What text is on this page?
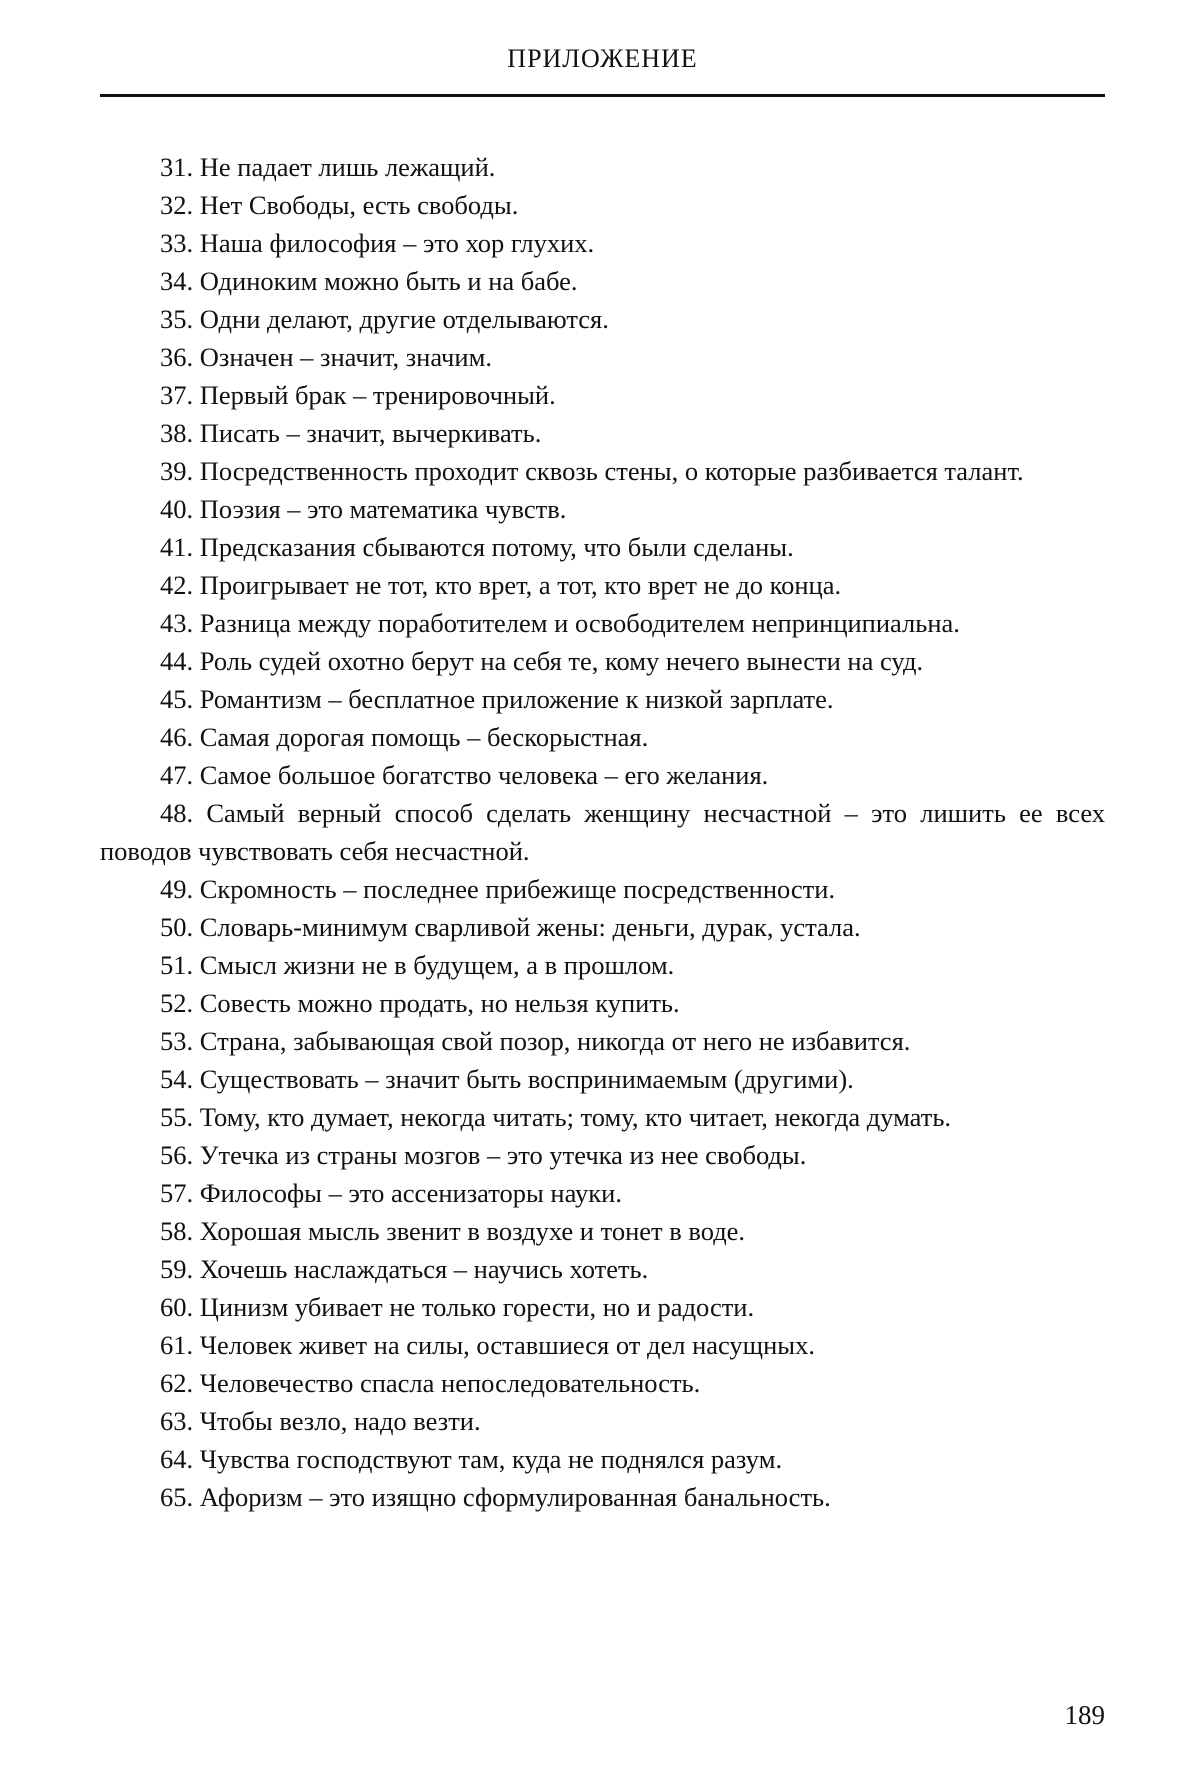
ПРИЛОЖЕНИЕ
31. Не падает лишь лежащий.
32. Нет Свободы, есть свободы.
33. Наша философия – это хор глухих.
34. Одиноким можно быть и на бабе.
35. Одни делают, другие отделываются.
36. Означен – значит, значим.
37. Первый брак – тренировочный.
38. Писать – значит, вычеркивать.
39. Посредственность проходит сквозь стены, о которые разбивается талант.
40. Поэзия – это математика чувств.
41. Предсказания сбываются потому, что были сделаны.
42. Проигрывает не тот, кто врет, а тот, кто врет не до конца.
43. Разница между поработителем и освободителем непринципиальна.
44. Роль судей охотно берут на себя те, кому нечего вынести на суд.
45. Романтизм – бесплатное приложение к низкой зарплате.
46. Самая дорогая помощь – бескорыстная.
47. Самое большое богатство человека – его желания.
48. Самый верный способ сделать женщину несчастной – это лишить ее всех поводов чувствовать себя несчастной.
49. Скромность – последнее прибежище посредственности.
50. Словарь-минимум сварливой жены: деньги, дурак, устала.
51. Смысл жизни не в будущем, а в прошлом.
52. Совесть можно продать, но нельзя купить.
53. Страна, забывающая свой позор, никогда от него не избавится.
54. Существовать – значит быть воспринимаемым (другими).
55. Тому, кто думает, некогда читать; тому, кто читает, некогда думать.
56. Утечка из страны мозгов – это утечка из нее свободы.
57. Философы – это ассенизаторы науки.
58. Хорошая мысль звенит в воздухе и тонет в воде.
59. Хочешь наслаждаться – научись хотеть.
60. Цинизм убивает не только горести, но и радости.
61. Человек живет на силы, оставшиеся от дел насущных.
62. Человечество спасла непоследовательность.
63. Чтобы везло, надо везти.
64. Чувства господствуют там, куда не поднялся разум.
65. Афоризм – это изящно сформулированная банальность.
189
